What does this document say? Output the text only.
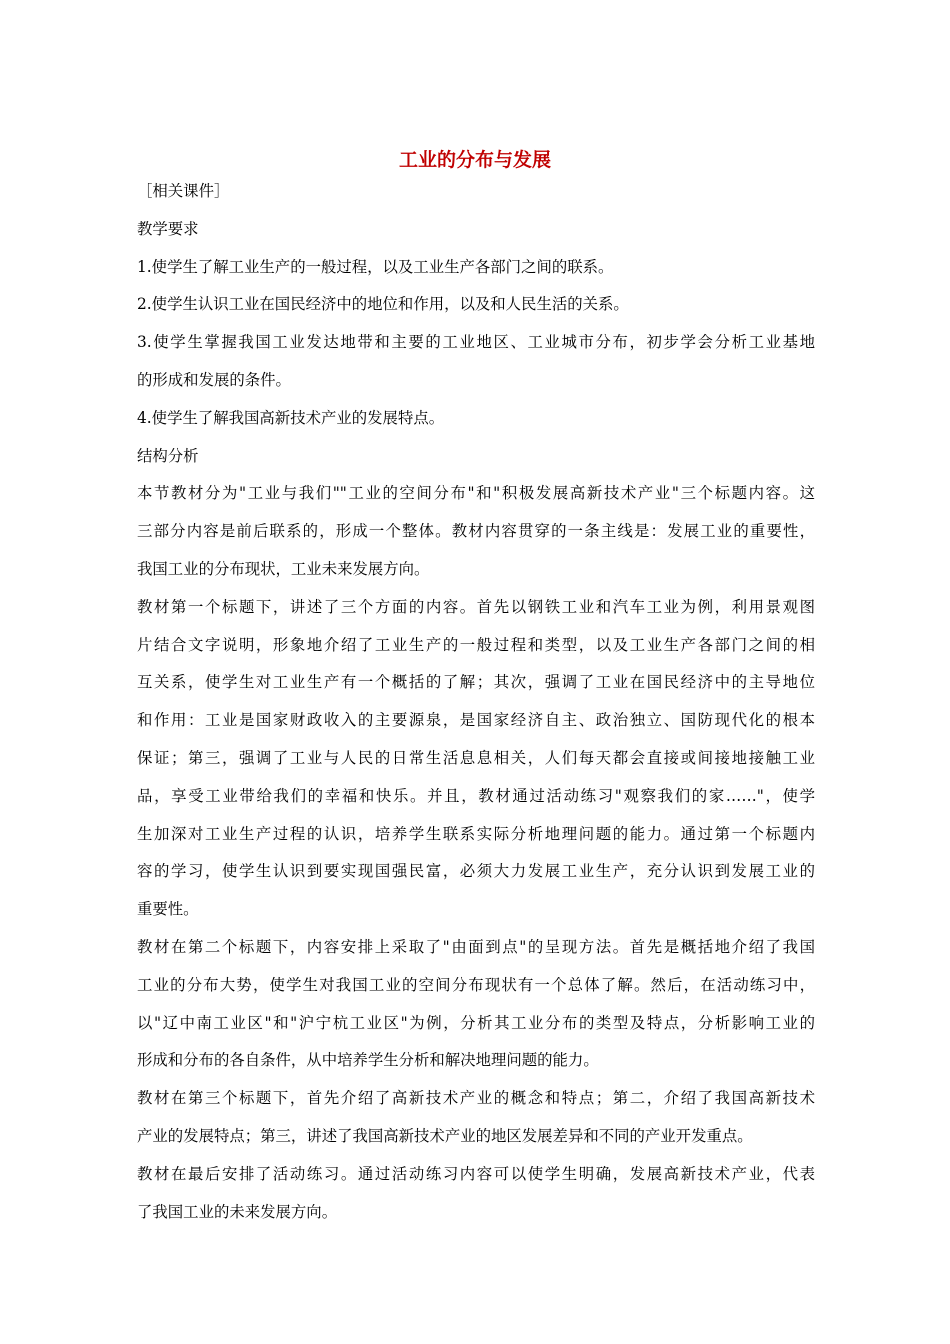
工业的分布与发展
［相关课件］
教学要求
1.使学生了解工业生产的一般过程，以及工业生产各部门之间的联系。
2.使学生认识工业在国民经济中的地位和作用，以及和人民生活的关系。
3.使学生掌握我国工业发达地带和主要的工业地区、工业城市分布，初步学会分析工业基地
的形成和发展的条件。
4.使学生了解我国高新技术产业的发展特点。
结构分析
本节教材分为"工业与我们""工业的空间分布"和"积极发展高新技术产业"三个标题内容。这
三部分内容是前后联系的，形成一个整体。教材内容贯穿的一条主线是：发展工业的重要性，
我国工业的分布现状，工业未来发展方向。
教材第一个标题下，讲述了三个方面的内容。首先以钢铁工业和汽车工业为例，利用景观图
片结合文字说明，形象地介绍了工业生产的一般过程和类型，以及工业生产各部门之间的相
互关系，使学生对工业生产有一个概括的了解；其次，强调了工业在国民经济中的主导地位
和作用：工业是国家财政收入的主要源泉，是国家经济自主、政治独立、国防现代化的根本
保证；第三，强调了工业与人民的日常生活息息相关，人们每天都会直接或间接地接触工业
品，享受工业带给我们的幸福和快乐。并且，教材通过活动练习"观察我们的家……"，使学
生加深对工业生产过程的认识，培养学生联系实际分析地理问题的能力。通过第一个标题内
容的学习，使学生认识到要实现国强民富，必须大力发展工业生产，充分认识到发展工业的
重要性。
教材在第二个标题下，内容安排上采取了"由面到点"的呈现方法。首先是概括地介绍了我国
工业的分布大势，使学生对我国工业的空间分布现状有一个总体了解。然后，在活动练习中，
以"辽中南工业区"和"沪宁杭工业区"为例，分析其工业分布的类型及特点，分析影响工业的
形成和分布的各自条件，从中培养学生分析和解决地理问题的能力。
教材在第三个标题下，首先介绍了高新技术产业的概念和特点；第二，介绍了我国高新技术
产业的发展特点；第三，讲述了我国高新技术产业的地区发展差异和不同的产业开发重点。
教材在最后安排了活动练习。通过活动练习内容可以使学生明确，发展高新技术产业，代表
了我国工业的未来发展方向。
